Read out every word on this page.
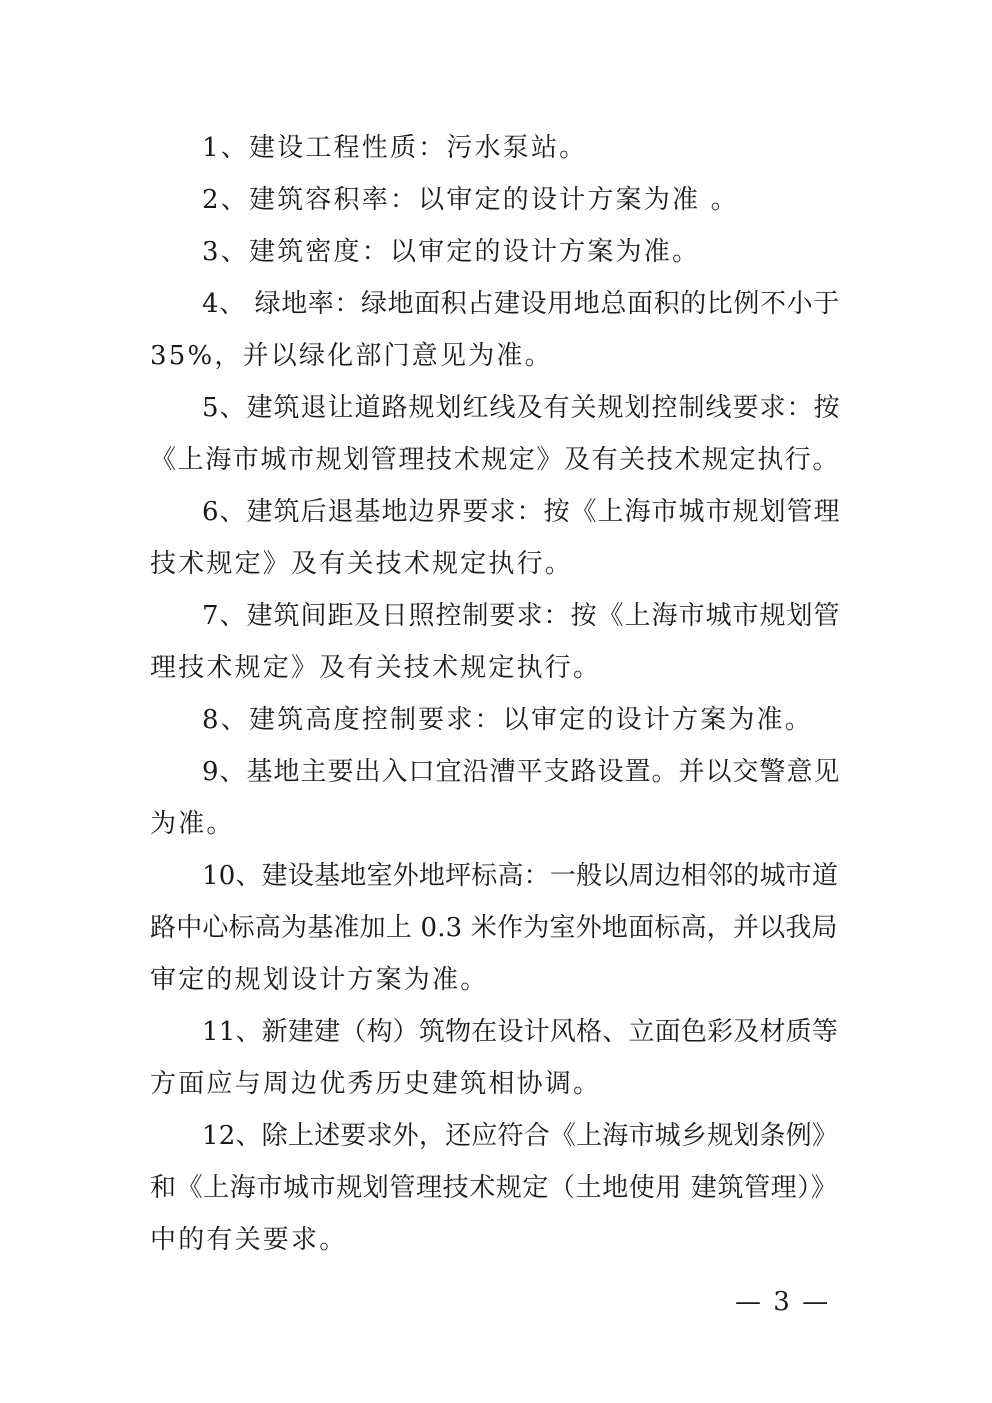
1、建设工程性质：污水泵站。
2、建筑容积率：以审定的设计方案为准 。
3、建筑密度：以审定的设计方案为准。
4、 绿地率：绿地面积占建设用地总面积的比例不小于
35%，并以绿化部门意见为准。
5、建筑退让道路规划红线及有关规划控制线要求：按
《上海市城市规划管理技术规定》及有关技术规定执行。
6、建筑后退基地边界要求：按《上海市城市规划管理
技术规定》及有关技术规定执行。
7、建筑间距及日照控制要求：按《上海市城市规划管
理技术规定》及有关技术规定执行。
8、建筑高度控制要求：以审定的设计方案为准。
9、基地主要出入口宜沿漕平支路设置。并以交警意见
为准。
10、建设基地室外地坪标高：一般以周边相邻的城市道
路中心标高为基准加上 0.3 米作为室外地面标高，并以我局
审定的规划设计方案为准。
11、新建建（构）筑物在设计风格、立面色彩及材质等
方面应与周边优秀历史建筑相协调。
12、除上述要求外，还应符合《上海市城乡规划条例》
和《上海市城市规划管理技术规定（土地使用 建筑管理）》
中的有关要求。
— 3 —
